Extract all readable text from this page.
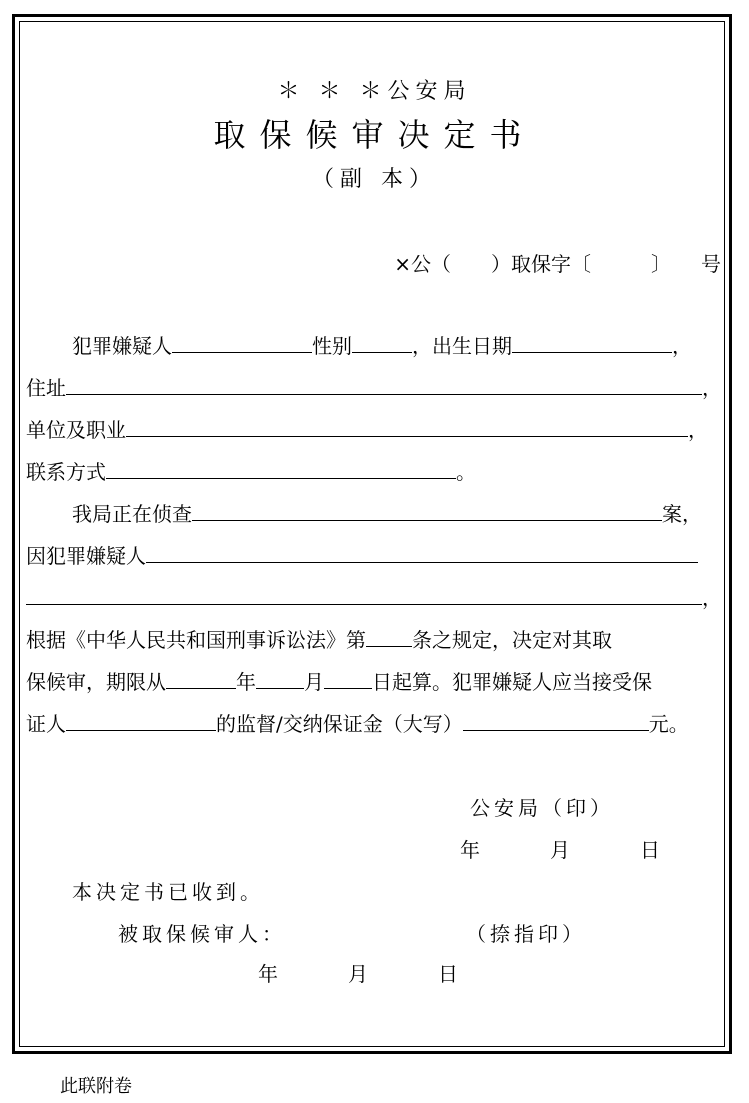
＊ ＊ ＊公安局
取保候审决定书
（副 本）
×公（　　）取保字〔　　　〕　　号
犯罪嫌疑人	性别	，出生日期	，
住址	，
单位及职业	，
联系方式	。
我局正在侦查	案，
因犯罪嫌疑人
，
根据《中华人民共和国刑事诉讼法》第 条之规定，决定对其取
保候审，期限从	年 月 日起算。犯罪嫌疑人应当接受保
证人	的监督/交纳保证金（大写）	元。
公安局（印）
年　　月　　日
本决定书已收到。
被取保候审人：	（捺指印）
年　　月　　日
此联附卷
